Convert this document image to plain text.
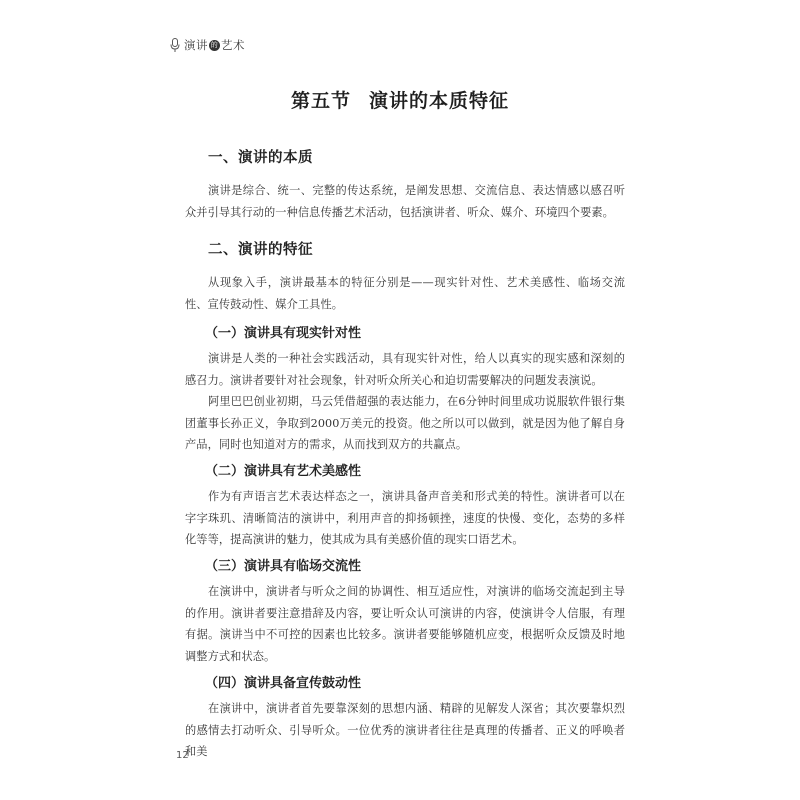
演讲 的 艺术
第五节 演讲的本质特征
一、演讲的本质
演讲是综合、统一、完整的传达系统，是阐发思想、交流信息、表达情感以感召听众并引导其行动的一种信息传播艺术活动，包括演讲者、听众、媒介、环境四个要素。
二、演讲的特征
从现象入手，演讲最基本的特征分别是——现实针对性、艺术美感性、临场交流性、宣传鼓动性、媒介工具性。
（一）演讲具有现实针对性
演讲是人类的一种社会实践活动，具有现实针对性，给人以真实的现实感和深刻的感召力。演讲者要针对社会现象，针对听众所关心和迫切需要解决的问题发表演说。
阿里巴巴创业初期，马云凭借超强的表达能力，在6分钟时间里成功说服软件银行集团董事长孙正义，争取到2000万美元的投资。他之所以可以做到，就是因为他了解自身产品，同时也知道对方的需求，从而找到双方的共赢点。
（二）演讲具有艺术美感性
作为有声语言艺术表达样态之一，演讲具备声音美和形式美的特性。演讲者可以在字字珠玑、清晰简洁的演讲中，利用声音的抑扬顿挫，速度的快慢、变化，态势的多样化等等，提高演讲的魅力，使其成为具有美感价值的现实口语艺术。
（三）演讲具有临场交流性
在演讲中，演讲者与听众之间的协调性、相互适应性，对演讲的临场交流起到主导的作用。演讲者要注意措辞及内容，要让听众认可演讲的内容，使演讲令人信服，有理有据。演讲当中不可控的因素也比较多。演讲者要能够随机应变，根据听众反馈及时地调整方式和状态。
（四）演讲具备宣传鼓动性
在演讲中，演讲者首先要靠深刻的思想内涵、精辟的见解发人深省；其次要靠炽烈的感情去打动听众、引导听众。一位优秀的演讲者往往是真理的传播者、正义的呼唤者和美
12
